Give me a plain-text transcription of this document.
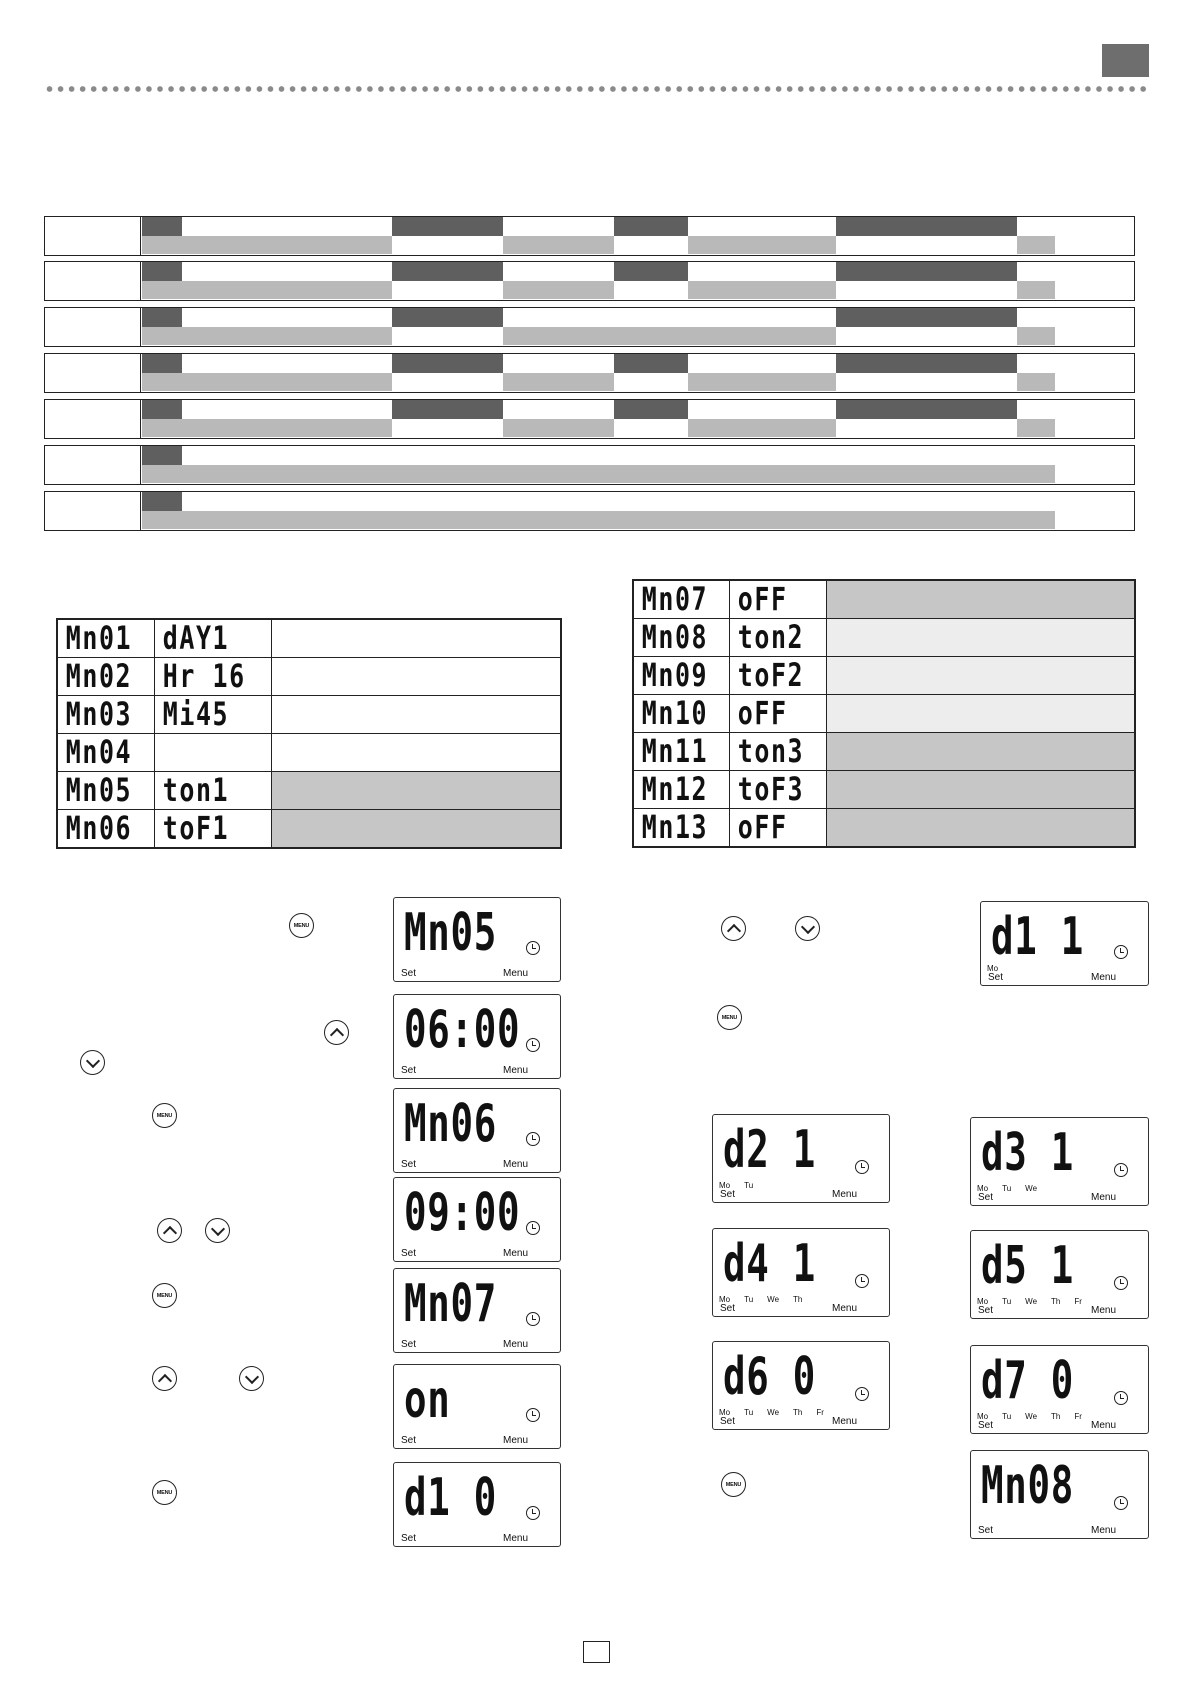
Mn01	dAY1	
Mn02	Hr 16	
Mn03	Mi45	
Mn04		
Mn05	ton1	
Mn06	toF1	
Mn07	oFF	
Mn08	ton2	
Mn09	toF2	
Mn10	oFF	
Mn11	ton3	
Mn12	toF3	
Mn13	oFF	
Mn05
Set	Menu
06:00
Set	Menu
Mn06
Set	Menu
09:00
Set	Menu
Mn07
Set	Menu
on
Set	Menu
d1 0
Set	Menu
d1 1
Mo
Set	Menu
d2 1
Mo Tu
Set	Menu
d3 1
Mo Tu We
Set	Menu
d4 1
Mo Tu We Th
Set	Menu
d5 1
Mo Tu We Th Fr
Set	Menu
d6 0
Mo Tu We Th Fr
Set	Menu
d7 0
Mo Tu We Th Fr
Set	Menu
Mn08
Set	Menu
MENU
MENU
MENU
MENU
MENU
MENU
